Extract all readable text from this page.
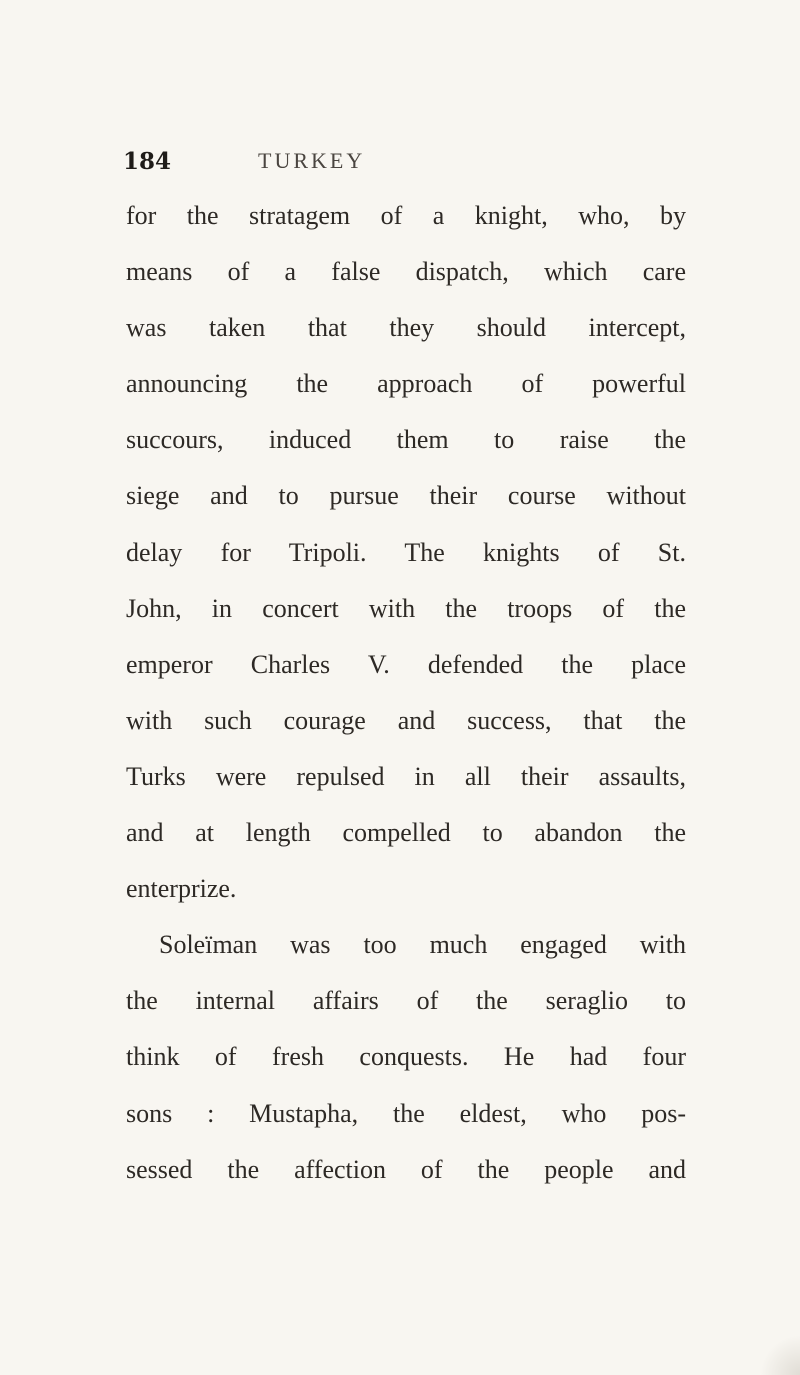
184	TURKEY
for the stratagem of a knight, who, by
means of a false dispatch, which care
was taken that they should intercept,
announcing the approach of powerful
succours, induced them to raise the
siege and to pursue their course without
delay for Tripoli. The knights of St.
John, in concert with the troops of the
emperor Charles V. defended the place
with such courage and success, that the
Turks were repulsed in all their assaults,
and at length compelled to abandon the
enterprize.
Soleïman was too much engaged with
the internal affairs of the seraglio to
think of fresh conquests. He had four
sons : Mustapha, the eldest, who pos-
sessed the affection of the people and
